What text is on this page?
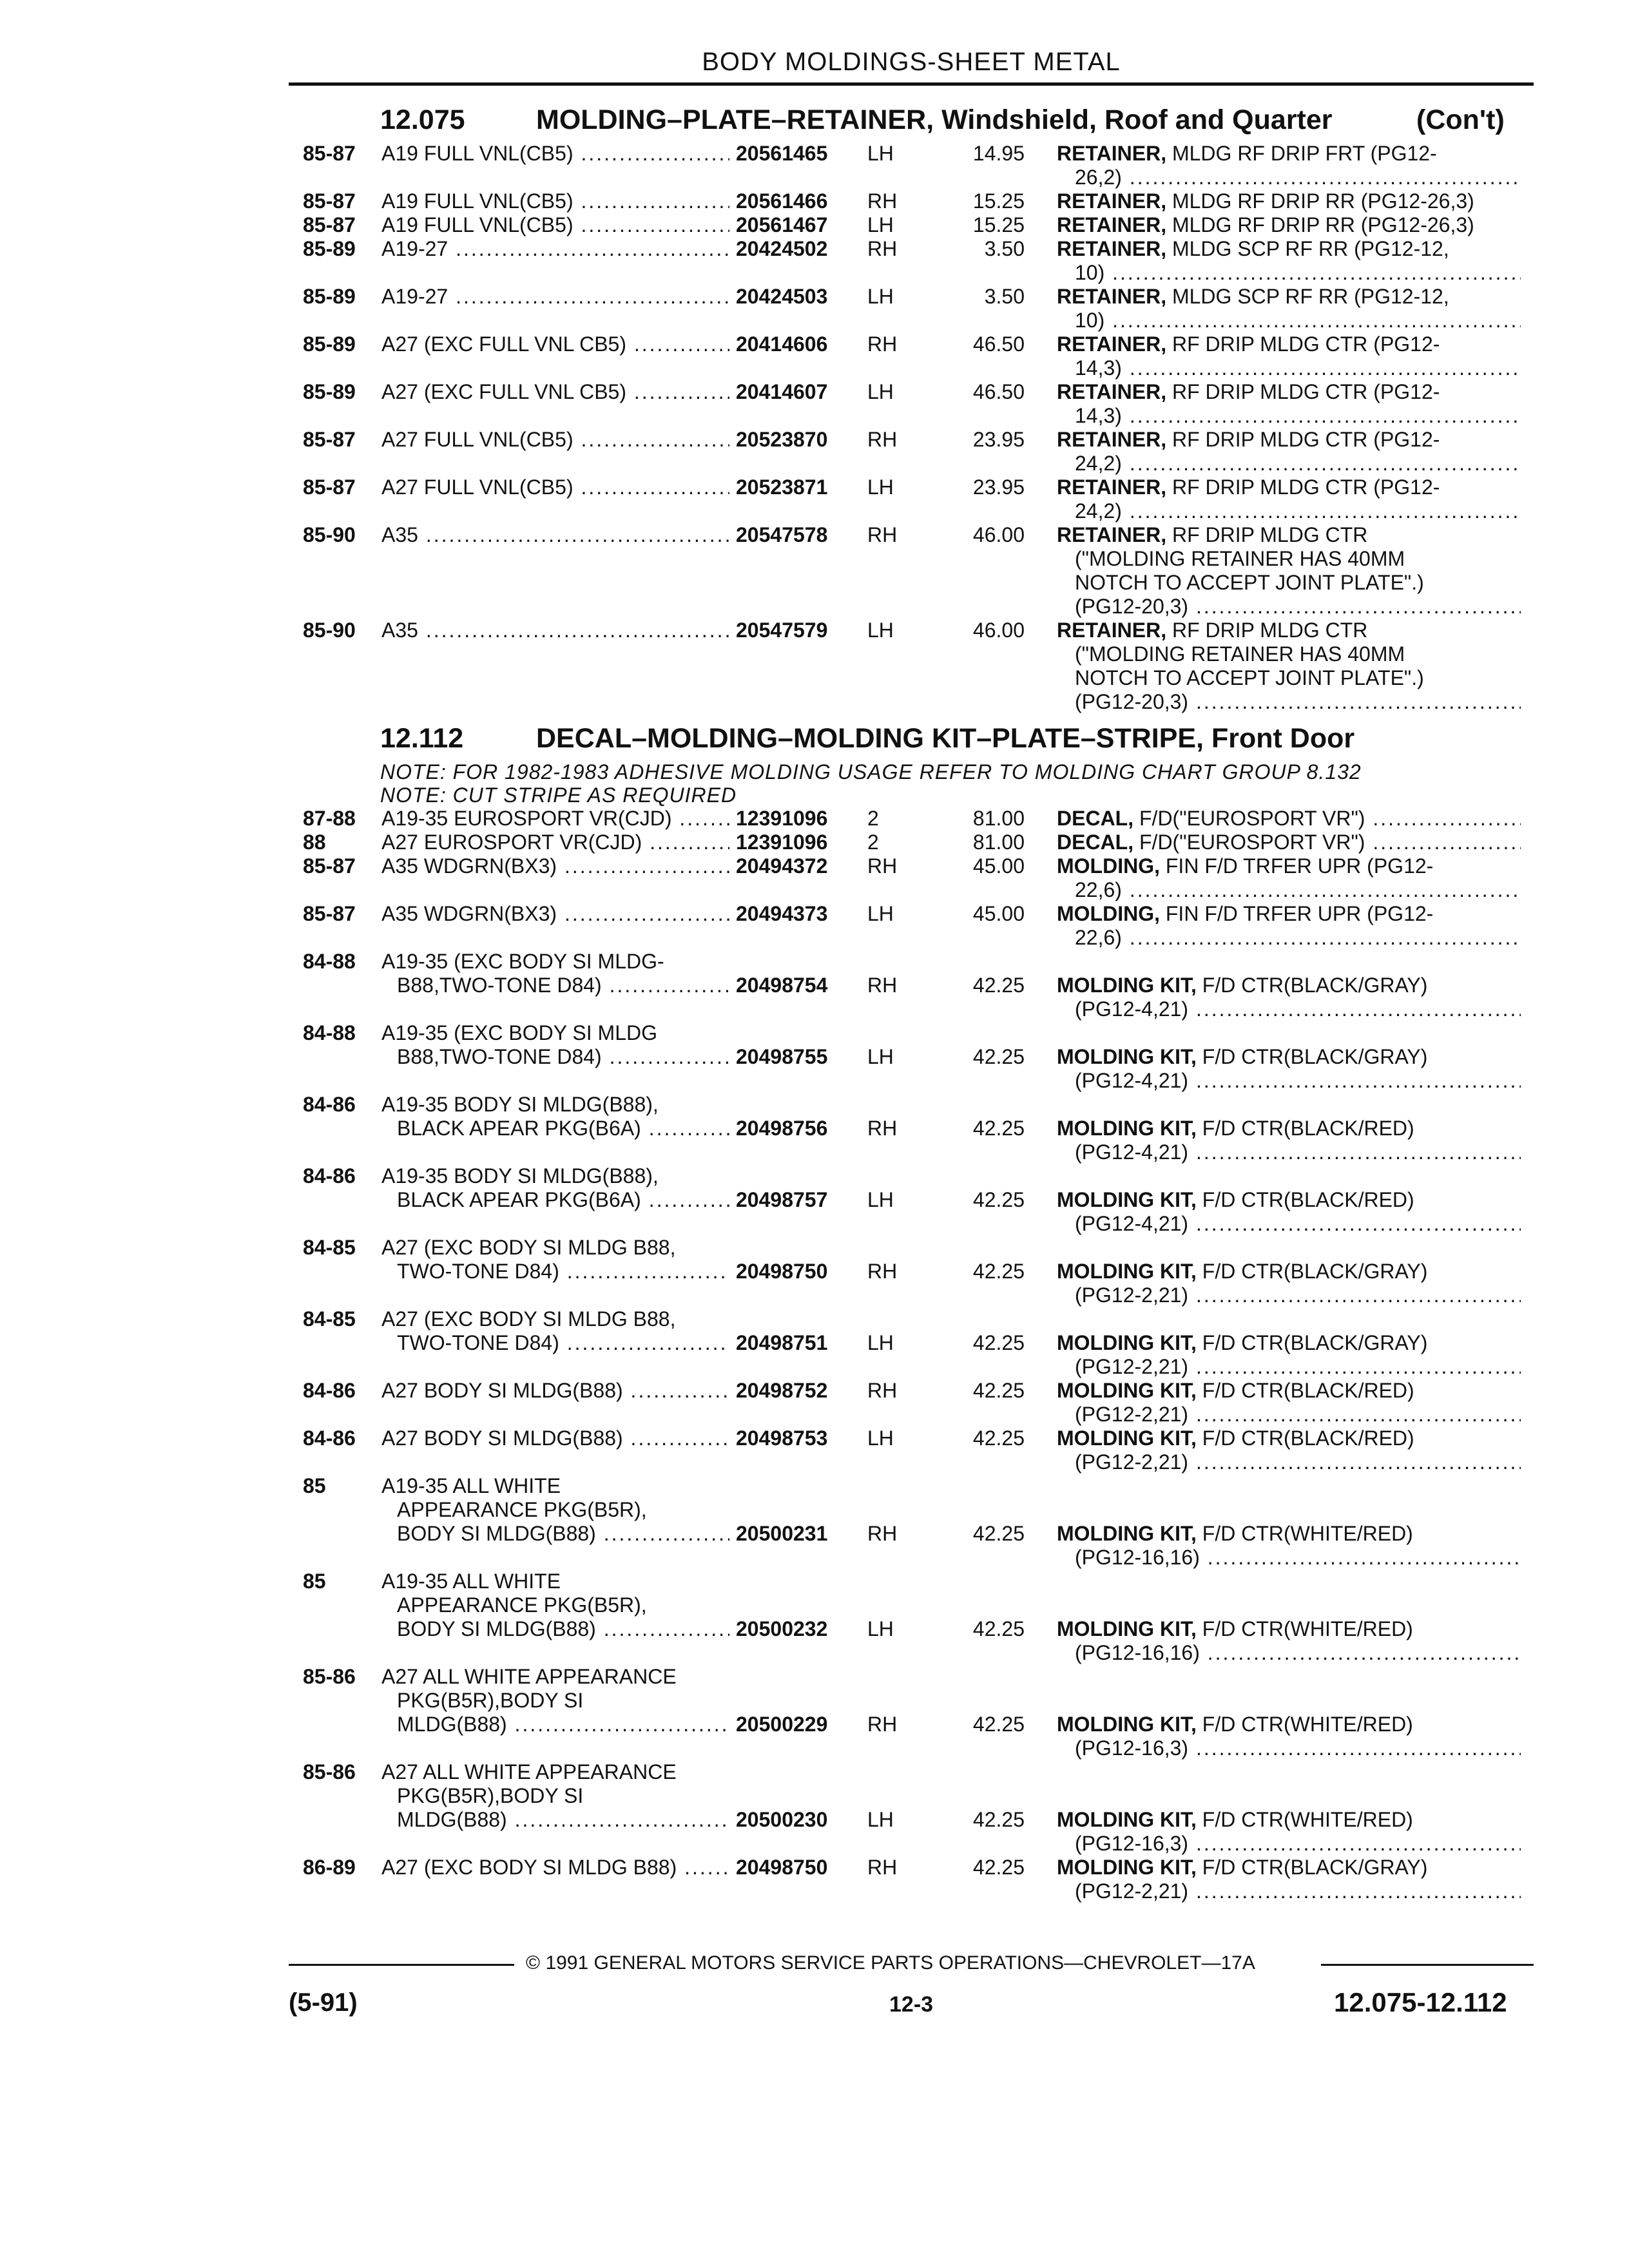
BODY MOLDINGS-SHEET METAL
12.075	MOLDING–PLATE–RETAINER, Windshield, Roof and Quarter	(Con't)
85-87 A19 FULL VNL(CB5) .....	20561465 LH	14.95 RETAINER, MLDG RF DRIP FRT (PG12-
26,2) .....
85-87 A19 FULL VNL(CB5) .....	20561466 RH	15.25 RETAINER, MLDG RF DRIP RR (PG12-26,3)
85-87 A19 FULL VNL(CB5) .....	20561467 LH	15.25 RETAINER, MLDG RF DRIP RR (PG12-26,3)
85-89 A19-27 .....	20424502 RH	3.50 RETAINER, MLDG SCP RF RR (PG12-12,
10) .....
85-89 A19-27 .....	20424503 LH	3.50 RETAINER, MLDG SCP RF RR (PG12-12,
10) .....
85-89 A27 (EXC FULL VNL CB5) .....	20414606 RH	46.50 RETAINER, RF DRIP MLDG CTR (PG12-
14,3) .....
85-89 A27 (EXC FULL VNL CB5) .....	20414607 LH	46.50 RETAINER, RF DRIP MLDG CTR (PG12-
14,3) .....
85-87 A27 FULL VNL(CB5) .....	20523870 RH	23.95 RETAINER, RF DRIP MLDG CTR (PG12-
24,2) .....
85-87 A27 FULL VNL(CB5) .....	20523871 LH	23.95 RETAINER, RF DRIP MLDG CTR (PG12-
24,2) .....
85-90 A35 .....	20547578 RH	46.00 RETAINER, RF DRIP MLDG CTR
("MOLDING RETAINER HAS 40MM
NOTCH TO ACCEPT JOINT PLATE".)
(PG12-20,3) .....
85-90 A35 .....	20547579 LH	46.00 RETAINER, RF DRIP MLDG CTR
("MOLDING RETAINER HAS 40MM
NOTCH TO ACCEPT JOINT PLATE".)
(PG12-20,3) .....
12.112	DECAL–MOLDING–MOLDING KIT–PLATE–STRIPE, Front Door
NOTE: FOR 1982-1983 ADHESIVE MOLDING USAGE REFER TO MOLDING CHART GROUP 8.132
NOTE: CUT STRIPE AS REQUIRED
87-88 A19-35 EUROSPORT VR(CJD) .....	12391096 2	81.00 DECAL, F/D("EUROSPORT VR") .....
88	A27 EUROSPORT VR(CJD) .....	12391096 2	81.00 DECAL, F/D("EUROSPORT VR") .....
85-87 A35 WDGRN(BX3) .....	20494372 RH	45.00 MOLDING, FIN F/D TRFER UPR (PG12-
22,6) .....
85-87 A35 WDGRN(BX3) .....	20494373 LH	45.00 MOLDING, FIN F/D TRFER UPR (PG12-
22,6) .....
84-88 A19-35 (EXC BODY SI MLDG-
B88,TWO-TONE D84) .....	20498754 RH	42.25 MOLDING KIT, F/D CTR(BLACK/GRAY)
(PG12-4,21) .....
84-88 A19-35 (EXC BODY SI MLDG
B88,TWO-TONE D84) .....	20498755 LH	42.25 MOLDING KIT, F/D CTR(BLACK/GRAY)
(PG12-4,21) .....
84-86 A19-35 BODY SI MLDG(B88),
BLACK APEAR PKG(B6A) .....	20498756 RH	42.25 MOLDING KIT, F/D CTR(BLACK/RED)
(PG12-4,21) .....
84-86 A19-35 BODY SI MLDG(B88),
BLACK APEAR PKG(B6A) .....	20498757 LH	42.25 MOLDING KIT, F/D CTR(BLACK/RED)
(PG12-4,21) .....
84-85 A27 (EXC BODY SI MLDG B88,
TWO-TONE D84) .....	20498750 RH	42.25 MOLDING KIT, F/D CTR(BLACK/GRAY)
(PG12-2,21) .....
84-85 A27 (EXC BODY SI MLDG B88,
TWO-TONE D84) .....	20498751 LH	42.25 MOLDING KIT, F/D CTR(BLACK/GRAY)
(PG12-2,21) .....
84-86 A27 BODY SI MLDG(B88) .....	20498752 RH	42.25 MOLDING KIT, F/D CTR(BLACK/RED)
(PG12-2,21) .....
84-86 A27 BODY SI MLDG(B88) .....	20498753 LH	42.25 MOLDING KIT, F/D CTR(BLACK/RED)
(PG12-2,21) .....
85	A19-35 ALL WHITE
APPEARANCE PKG(B5R),
BODY SI MLDG(B88) .....	20500231 RH	42.25 MOLDING KIT, F/D CTR(WHITE/RED)
(PG12-16,16) .....
85	A19-35 ALL WHITE
APPEARANCE PKG(B5R),
BODY SI MLDG(B88) .....	20500232 LH	42.25 MOLDING KIT, F/D CTR(WHITE/RED)
(PG12-16,16) .....
85-86 A27 ALL WHITE APPEARANCE
PKG(B5R),BODY SI
MLDG(B88) .....	20500229 RH	42.25 MOLDING KIT, F/D CTR(WHITE/RED)
(PG12-16,3) .....
85-86 A27 ALL WHITE APPEARANCE
PKG(B5R),BODY SI
MLDG(B88) .....	20500230 LH	42.25 MOLDING KIT, F/D CTR(WHITE/RED)
(PG12-16,3) .....
86-89 A27 (EXC BODY SI MLDG B88) .....	20498750 RH	42.25 MOLDING KIT, F/D CTR(BLACK/GRAY)
(PG12-2,21) .....
© 1991 GENERAL MOTORS SERVICE PARTS OPERATIONS—CHEVROLET—17A
(5-91)	12-3	12.075-12.112
